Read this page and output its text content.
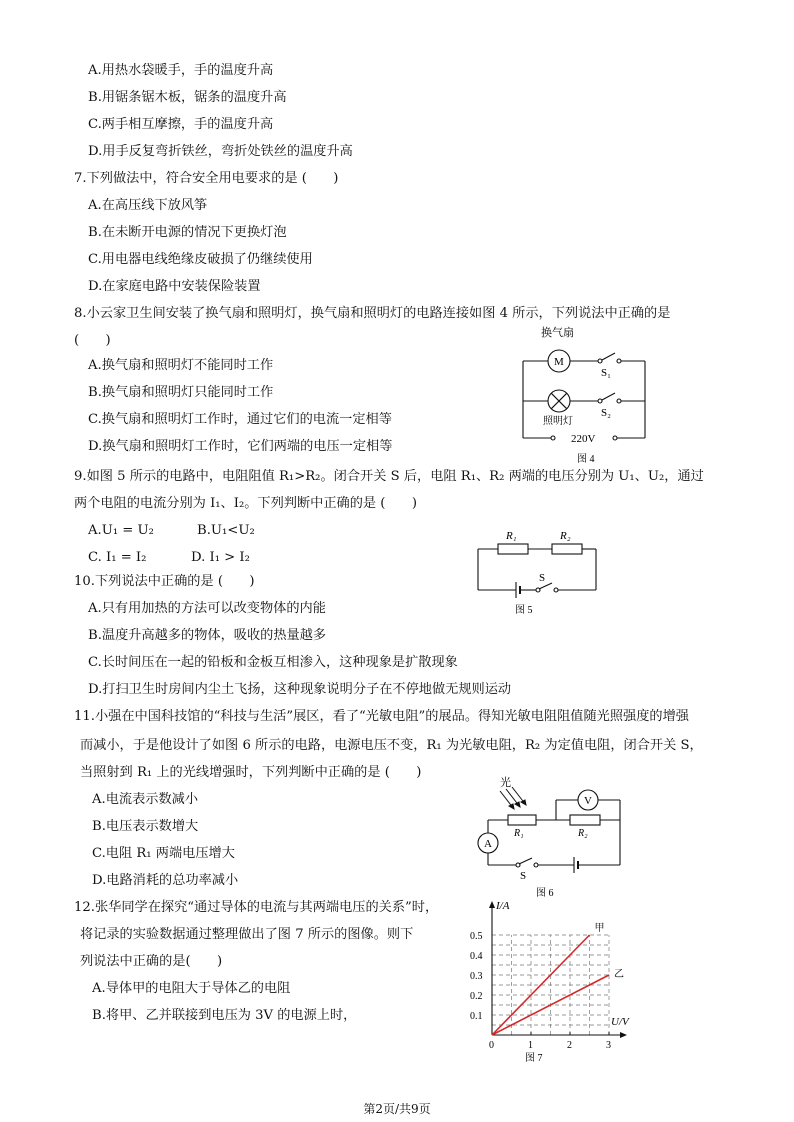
A.用热水袋暖手，手的温度升高
B.用锯条锯木板，锯条的温度升高
C.两手相互摩擦，手的温度升高
D.用手反复弯折铁丝，弯折处铁丝的温度升高
7.下列做法中，符合安全用电要求的是 (　　)
A.在高压线下放风筝
B.在未断开电源的情况下更换灯泡
C.用电器电线绝缘皮破损了仍继续使用
D.在家庭电路中安装保险装置
8.小云家卫生间安装了换气扇和照明灯，换气扇和照明灯的电路连接如图 4 所示，下列说法中正确的是
(　　)
A.换气扇和照明灯不能同时工作
B.换气扇和照明灯只能同时工作
C.换气扇和照明灯工作时，通过它们的电流一定相等
D.换气扇和照明灯工作时，它们两端的电压一定相等
换气扇
M
S₁
照明灯
S₂
220V
图 4
9.如图 5 所示的电路中，电阻阻值 R₁>R₂。闭合开关 S 后，电阻 R₁、R₂ 两端的电压分别为 U₁、U₂，通过
两个电阻的电流分别为 I₁、I₂。下列判断中正确的是 (　　)
A.U₁ = U₂	B.U₁<U₂
C. I₁ = I₂	D. I₁ > I₂
R₁	R₂
S
图 5
10.下列说法中正确的是 (　　)
A.只有用加热的方法可以改变物体的内能
B.温度升高越多的物体，吸收的热量越多
C.长时间压在一起的铅板和金板互相渗入，这种现象是扩散现象
D.打扫卫生时房间内尘土飞扬，这种现象说明分子在不停地做无规则运动
11.小强在中国科技馆的“科技与生活”展区，看了“光敏电阻”的展品。得知光敏电阻阻值随光照强度的增强
而减小，于是他设计了如图 6 所示的电路，电源电压不变，R₁ 为光敏电阻，R₂ 为定值电阻，闭合开关 S，
当照射到 R₁ 上的光线增强时，下列判断中正确的是 (　　)
A.电流表示数减小
B.电压表示数增大
C.电阻 R₁ 两端电压增大
D.电路消耗的总功率减小
光
V
A
R₁	R₂
S
图 6
12.张华同学在探究“通过导体的电流与其两端电压的关系”时，
将记录的实验数据通过整理做出了图 7 所示的图像。则下
列说法中正确的是(　　)
A.导体甲的电阻大于导体乙的电阻
B.将甲、乙并联接到电压为 3V 的电源上时，
0	1	2	3
0.1
0.2
0.3
0.4
0.5
I/A
U/V
甲
乙
图 7
第2页/共9页
